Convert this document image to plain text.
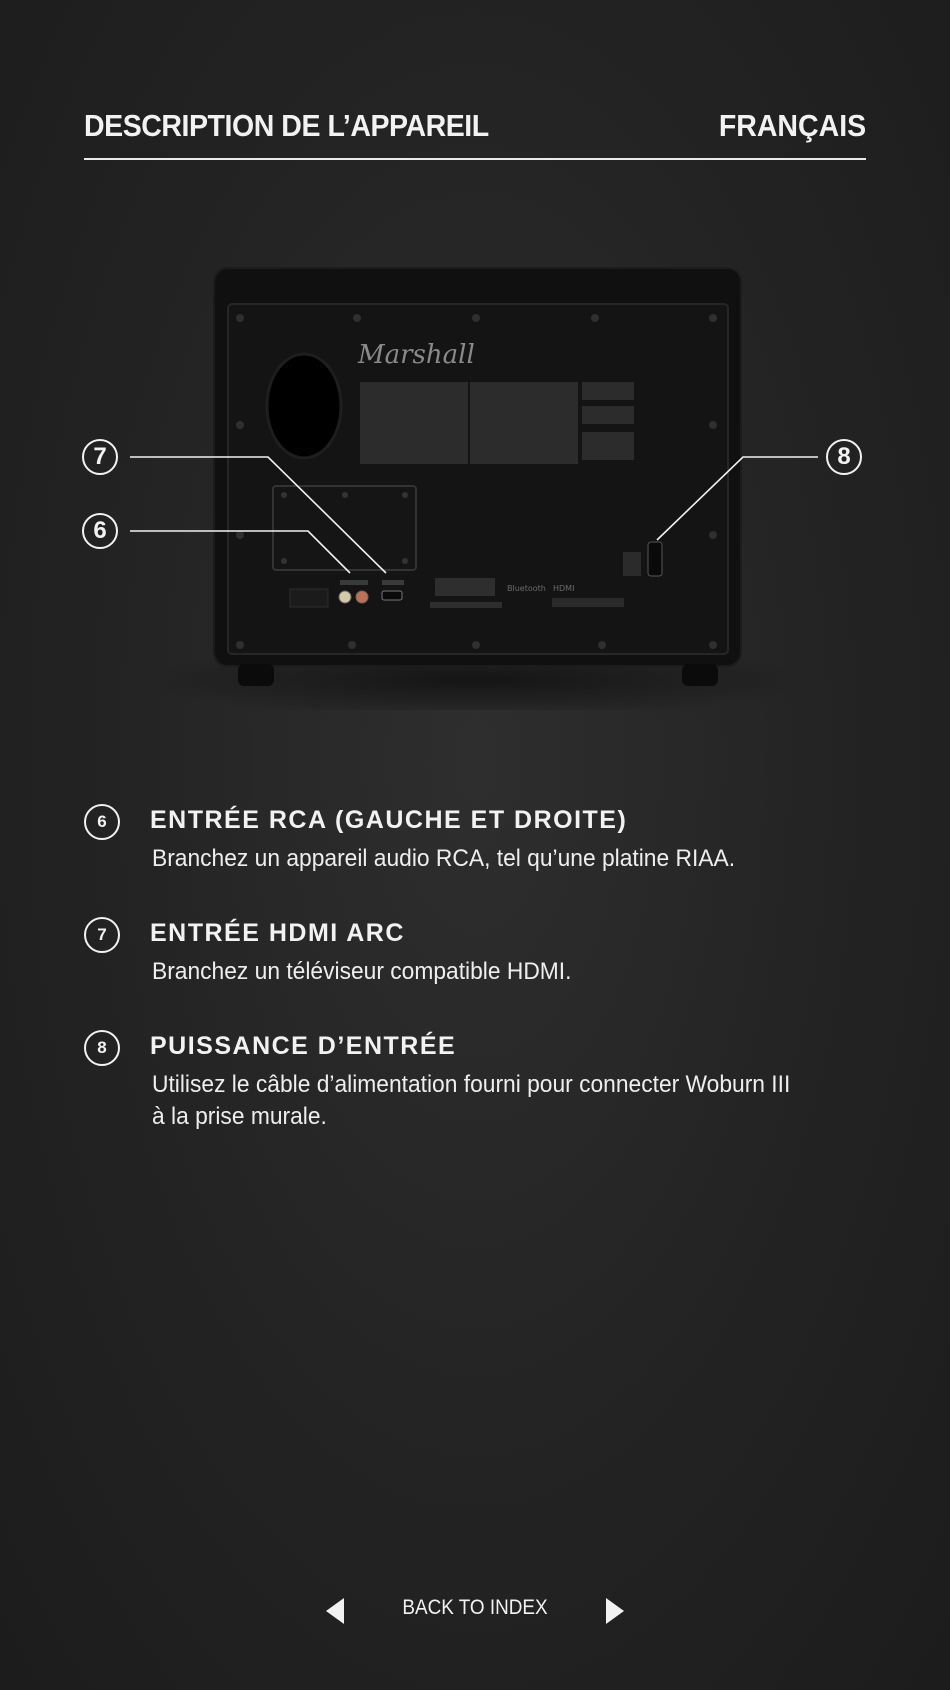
DESCRIPTION DE L’APPAREIL	FRANÇAIS
Marshall
Bluetooth HDMI
7
6
8
6	ENTRÉE RCA (GAUCHE ET DROITE)
Branchez un appareil audio RCA, tel qu’une platine RIAA.
7	ENTRÉE HDMI ARC
Branchez un téléviseur compatible HDMI.
8	PUISSANCE D’ENTRÉE
Utilisez le câble d’alimentation fourni pour connecter Woburn III à la prise murale.
BACK TO INDEX
